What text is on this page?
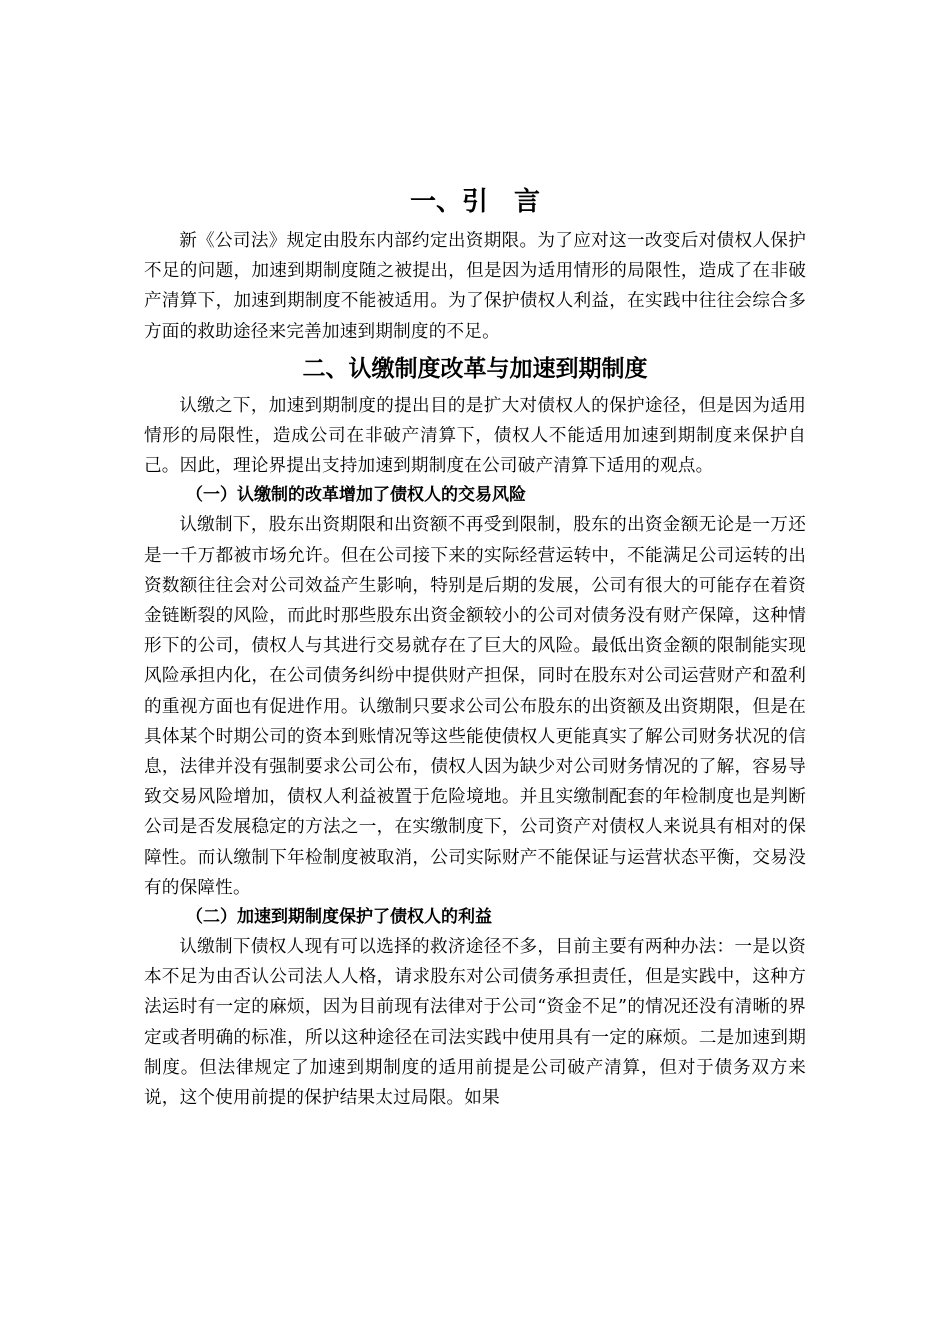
一、引　言

新《公司法》规定由股东内部约定出资期限。为了应对这一改变后对债权人保护不足的问题，加速到期制度随之被提出，但是因为适用情形的局限性，造成了在非破产清算下，加速到期制度不能被适用。为了保护债权人利益，在实践中往往会综合多方面的救助途径来完善加速到期制度的不足。

二、认缴制度改革与加速到期制度

认缴之下，加速到期制度的提出目的是扩大对债权人的保护途径，但是因为适用情形的局限性，造成公司在非破产清算下，债权人不能适用加速到期制度来保护自己。因此，理论界提出支持加速到期制度在公司破产清算下适用的观点。

（一）认缴制的改革增加了债权人的交易风险

认缴制下，股东出资期限和出资额不再受到限制，股东的出资金额无论是一万还是一千万都被市场允许。但在公司接下来的实际经营运转中，不能满足公司运转的出资数额往往会对公司效益产生影响，特别是后期的发展，公司有很大的可能存在着资金链断裂的风险，而此时那些股东出资金额较小的公司对债务没有财产保障，这种情形下的公司，债权人与其进行交易就存在了巨大的风险。最低出资金额的限制能实现风险承担内化，在公司债务纠纷中提供财产担保，同时在股东对公司运营财产和盈利的重视方面也有促进作用。认缴制只要求公司公布股东的出资额及出资期限，但是在具体某个时期公司的资本到账情况等这些能使债权人更能真实了解公司财务状况的信息，法律并没有强制要求公司公布，债权人因为缺少对公司财务情况的了解，容易导致交易风险增加，债权人利益被置于危险境地。并且实缴制配套的年检制度也是判断公司是否发展稳定的方法之一，在实缴制度下，公司资产对债权人来说具有相对的保障性。而认缴制下年检制度被取消，公司实际财产不能保证与运营状态平衡，交易没有的保障性。

（二）加速到期制度保护了债权人的利益

认缴制下债权人现有可以选择的救济途径不多，目前主要有两种办法：一是以资本不足为由否认公司法人人格，请求股东对公司债务承担责任，但是实践中，这种方法运时有一定的麻烦，因为目前现有法律对于公司“资金不足”的情况还没有清晰的界定或者明确的标准，所以这种途径在司法实践中使用具有一定的麻烦。二是加速到期制度。但法律规定了加速到期制度的适用前提是公司破产清算，但对于债务双方来说，这个使用前提的保护结果太过局限。如果
